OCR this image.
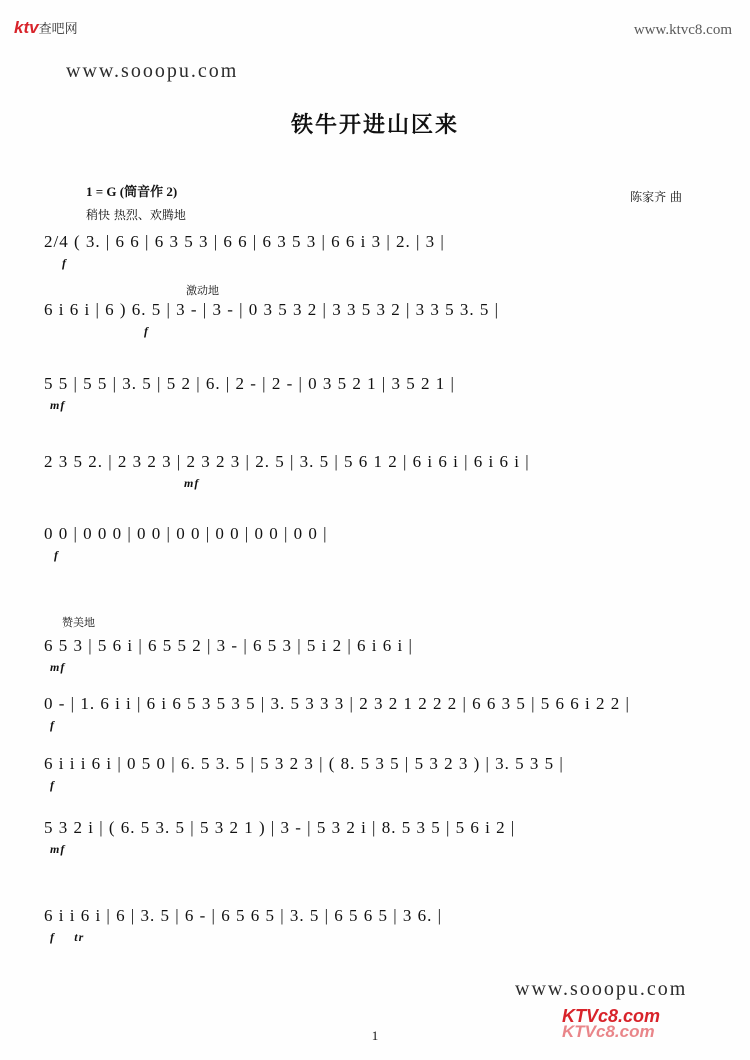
ktv查吧网	www.ktvc8.com
www.sooopu.com
铁牛开进山区来
1 = G (筒音作 2)	陈家齐 曲
稍快 热烈、欢腾地
激动地
赞美地
2/4 ( 3. | 6 6 | 6 3 5 3 | 6 6 | 6 3 5 3 | 6 6 i 3 | 2. | 3 |
f
6 i 6 i | 6 ) 6. 5 | 3 - | 3 - | 0 3 5 3 2 | 3 3 5 3 2 | 3 3 5 3. 5 |
f
5 5 | 5 5 | 3. 5 | 5 2 | 6. | 2 - | 2 - | 0 3 5 2 1 | 3 5 2 1 |
mf
2 3 5 2. | 2 3 2 3 | 2 3 2 3 | 2. 5 | 3. 5 | 5 6 1 2 | 6 i 6 i | 6 i 6 i |
mf
0 0 | 0 0 0 | 0 0 | 0 0 | 0 0 | 0 0 | 0 0 |
f
6 5 3 | 5 6 i | 6 5 5 2 | 3 - | 6 5 3 | 5 i 2 | 6 i 6 i |
mf
0 - | 1. 6 i i | 6 i 6 5 3 5 3 5 | 3. 5 3 3 3 | 2 3 2 1 2 2 2 | 6 6 3 5 | 5 6 6 i 2 2 |
f
6 i i i 6 i | 0 5 0 | 6. 5 3. 5 | 5 3 2 3 | ( 8. 5 3 5 | 5 3 2 3 ) | 3. 5 3 5 |
f
5 3 2 i | ( 6. 5 3. 5 | 5 3 2 1 ) | 3 - | 5 3 2 i | 8. 5 3 5 | 5 6 i 2 |
mf
6 i i 6 i | 6 | 3. 5 | 6 - | 6 5 6 5 | 3. 5 | 6 5 6 5 | 3 6. |
f tr
www.sooopu.com
KTVc8.com
KTVc8.com
1
